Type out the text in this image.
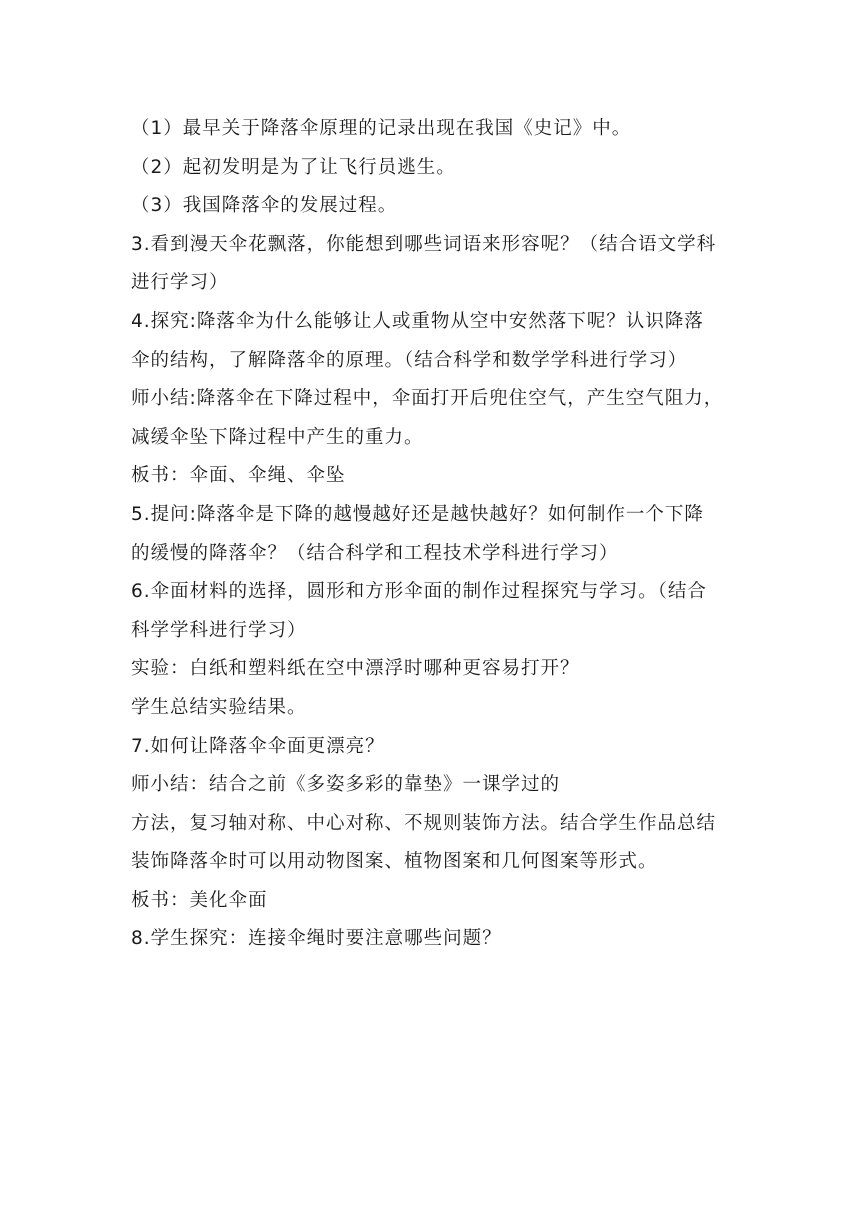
（1）最早关于降落伞原理的记录出现在我国《史记》中。
（2）起初发明是为了让飞行员逃生。
（3）我国降落伞的发展过程。
3.看到漫天伞花飘落，你能想到哪些词语来形容呢？（结合语文学科
进行学习）
4.探究:降落伞为什么能够让人或重物从空中安然落下呢？认识降落
伞的结构，了解降落伞的原理。（结合科学和数学学科进行学习）
师小结:降落伞在下降过程中，伞面打开后兜住空气，产生空气阻力，
减缓伞坠下降过程中产生的重力。
板书：伞面、伞绳、伞坠
5.提问:降落伞是下降的越慢越好还是越快越好？如何制作一个下降
的缓慢的降落伞？（结合科学和工程技术学科进行学习）
6.伞面材料的选择，圆形和方形伞面的制作过程探究与学习。（结合
科学学科进行学习）
实验：白纸和塑料纸在空中漂浮时哪种更容易打开？
学生总结实验结果。
7.如何让降落伞伞面更漂亮？
师小结：结合之前《多姿多彩的靠垫》一课学过的
方法，复习轴对称、中心对称、不规则装饰方法。结合学生作品总结
装饰降落伞时可以用动物图案、植物图案和几何图案等形式。
板书：美化伞面
8.学生探究：连接伞绳时要注意哪些问题？
